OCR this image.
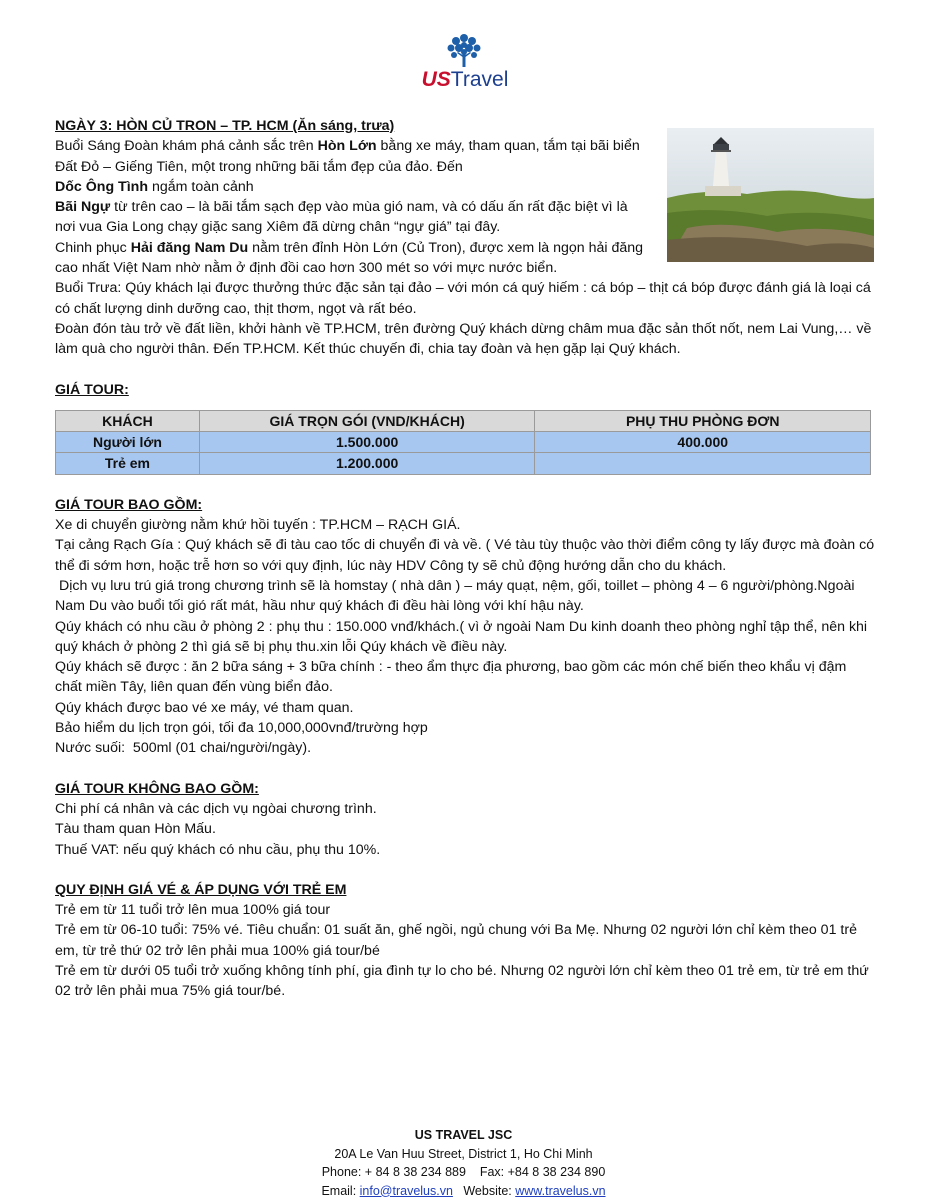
USTravel

NGÀY 3: HÒN CỦ TRON – TP. HCM (Ăn sáng, trưa)

Buổi Sáng Đoàn khám phá cảnh sắc trên Hòn Lớn bằng xe máy, tham quan, tắm tại bãi biển Đất Đỏ – Giếng Tiên, một trong những bãi tắm đẹp của đảo. Đến

Dốc Ông Tình ngắm toàn cảnh

Bãi Ngự từ trên cao – là bãi tắm sạch đẹp vào mùa gió nam, và có dấu ấn rất đặc biệt vì là nơi vua Gia Long chạy giặc sang Xiêm đã dừng chân “ngự giá” tại đây.

Chinh phục Hải đăng Nam Du nằm trên đỉnh Hòn Lớn (Củ Tron), được xem là ngọn hải đăng cao nhất Việt Nam nhờ nằm ở định đồi cao hơn 300 mét so với mực nước biển.

Buổi Trưa: Qúy khách lại được thưởng thức đặc sản tại đảo – với món cá quý hiếm : cá bóp – thịt cá bóp được đánh giá là loại cá có chất lượng dinh dưỡng cao, thịt thơm, ngọt và rất béo.

Đoàn đón tàu trở về đất liền, khởi hành về TP.HCM, trên đường Quý khách dừng châm mua đặc sản thốt nốt, nem Lai Vung,… về làm quà cho người thân. Đến TP.HCM. Kết thúc chuyến đi, chia tay đoàn và hẹn gặp lại Quý khách.

GIÁ TOUR:

KHÁCH	GIÁ TRỌN GÓI (VND/KHÁCH)	PHỤ THU PHÒNG ĐƠN
Người lớn	1.500.000	400.000
Trẻ em	1.200.000	

GIÁ TOUR BAO GỒM:

Xe di chuyển giường nằm khứ hồi tuyến : TP.HCM – RẠCH GIÁ.

Tại cảng Rạch Gía : Quý khách sẽ đi tàu cao tốc di chuyển đi và về. ( Vé tàu tùy thuộc vào thời điểm công ty lấy được mà đoàn có thể đi sớm hơn, hoặc trễ hơn so với quy định, lúc này HDV Công ty sẽ chủ động hướng dẫn cho du khách.

Dịch vụ lưu trú giá trong chương trình sẽ là homstay ( nhà dân ) – máy quạt, nệm, gối, toillet – phòng 4 – 6 người/phòng.Ngoài Nam Du vào buổi tối gió rất mát, hầu như quý khách đi đều hài lòng với khí hậu này.

Qúy khách có nhu cầu ở phòng 2 : phụ thu : 150.000 vnđ/khách.( vì ở ngoài Nam Du kinh doanh theo phòng nghỉ tập thể, nên khi quý khách ở phòng 2 thì giá sẽ bị phụ thu.xin lỗi Qúy khách về điều này.

Qúy khách sẽ được : ăn 2 bữa sáng + 3 bữa chính : - theo ẩm thực địa phương, bao gồm các món chế biến theo khẩu vị đậm chất miền Tây, liên quan đến vùng biển đảo.

Qúy khách được bao vé xe máy, vé tham quan.

Bảo hiểm du lịch trọn gói, tối đa 10,000,000vnđ/trường hợp

Nước suối:  500ml (01 chai/người/ngày).

GIÁ TOUR KHÔNG BAO GỒM:

Chi phí cá nhân và các dịch vụ ngòai chương trình.

Tàu tham quan Hòn Mấu.

Thuế VAT: nếu quý khách có nhu cầu, phụ thu 10%.

QUY ĐỊNH GIÁ VÉ & ÁP DỤNG VỚI TRẺ EM

Trẻ em từ 11 tuổi trở lên mua 100% giá tour

Trẻ em từ 06-10 tuổi: 75% vé. Tiêu chuẩn: 01 suất ăn, ghế ngồi, ngủ chung với Ba Mẹ. Nhưng 02 người lớn chỉ kèm theo 01 trẻ em, từ trẻ thứ 02 trở lên phải mua 100% giá tour/bé

Trẻ em từ dưới 05 tuổi trở xuống không tính phí, gia đình tự lo cho bé. Nhưng 02 người lớn chỉ kèm theo 01 trẻ em, từ trẻ em thứ 02 trở lên phải mua 75% giá tour/bé.

US TRAVEL JSC
20A Le Van Huu Street, District 1, Ho Chi Minh
Phone: + 84 8 38 234 889    Fax: +84 8 38 234 890
Email: info@travelus.vn   Website: www.travelus.vn
